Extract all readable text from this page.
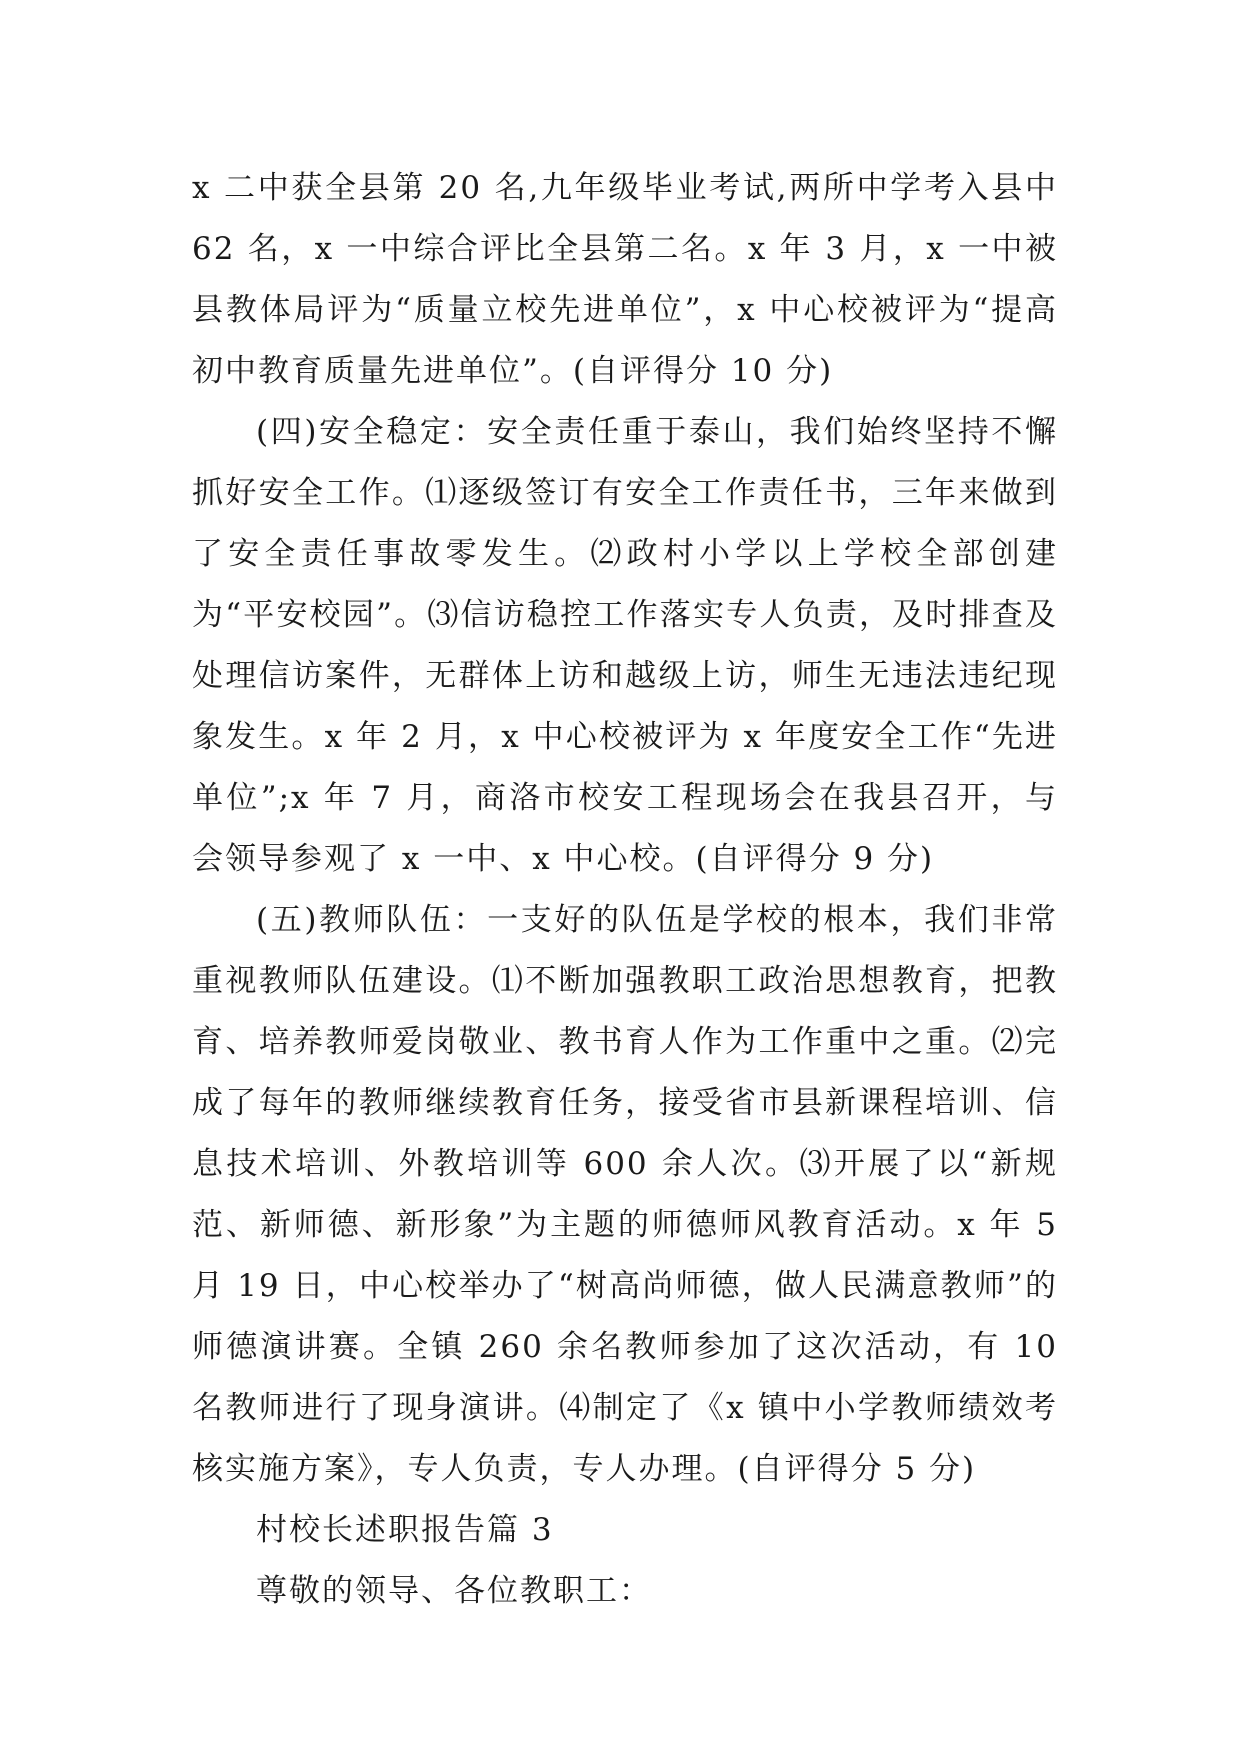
x 二中获全县第 20 名,九年级毕业考试,两所中学考入县中 62 名，x 一中综合评比全县第二名。x 年 3 月，x 一中被县教体局评为“质量立校先进单位”，x 中心校被评为“提高初中教育质量先进单位”。(自评得分 10 分)

(四)安全稳定：安全责任重于泰山，我们始终坚持不懈抓好安全工作。⑴逐级签订有安全工作责任书，三年来做到了安全责任事故零发生。⑵政村小学以上学校全部创建为“平安校园”。⑶信访稳控工作落实专人负责，及时排查及处理信访案件，无群体上访和越级上访，师生无违法违纪现象发生。x 年 2 月，x 中心校被评为 x 年度安全工作“先进单位”;x 年 7 月，商洛市校安工程现场会在我县召开，与会领导参观了 x 一中、x 中心校。(自评得分 9 分)

(五)教师队伍：一支好的队伍是学校的根本，我们非常重视教师队伍建设。⑴不断加强教职工政治思想教育，把教育、培养教师爱岗敬业、教书育人作为工作重中之重。⑵完成了每年的教师继续教育任务，接受省市县新课程培训、信息技术培训、外教培训等 600 余人次。⑶开展了以“新规范、新师德、新形象”为主题的师德师风教育活动。x 年 5 月 19 日，中心校举办了“树高尚师德，做人民满意教师”的师德演讲赛。全镇 260 余名教师参加了这次活动，有 10 名教师进行了现身演讲。⑷制定了《x 镇中小学教师绩效考核实施方案》，专人负责，专人办理。(自评得分 5 分)

村校长述职报告篇 3

尊敬的领导、各位教职工：
